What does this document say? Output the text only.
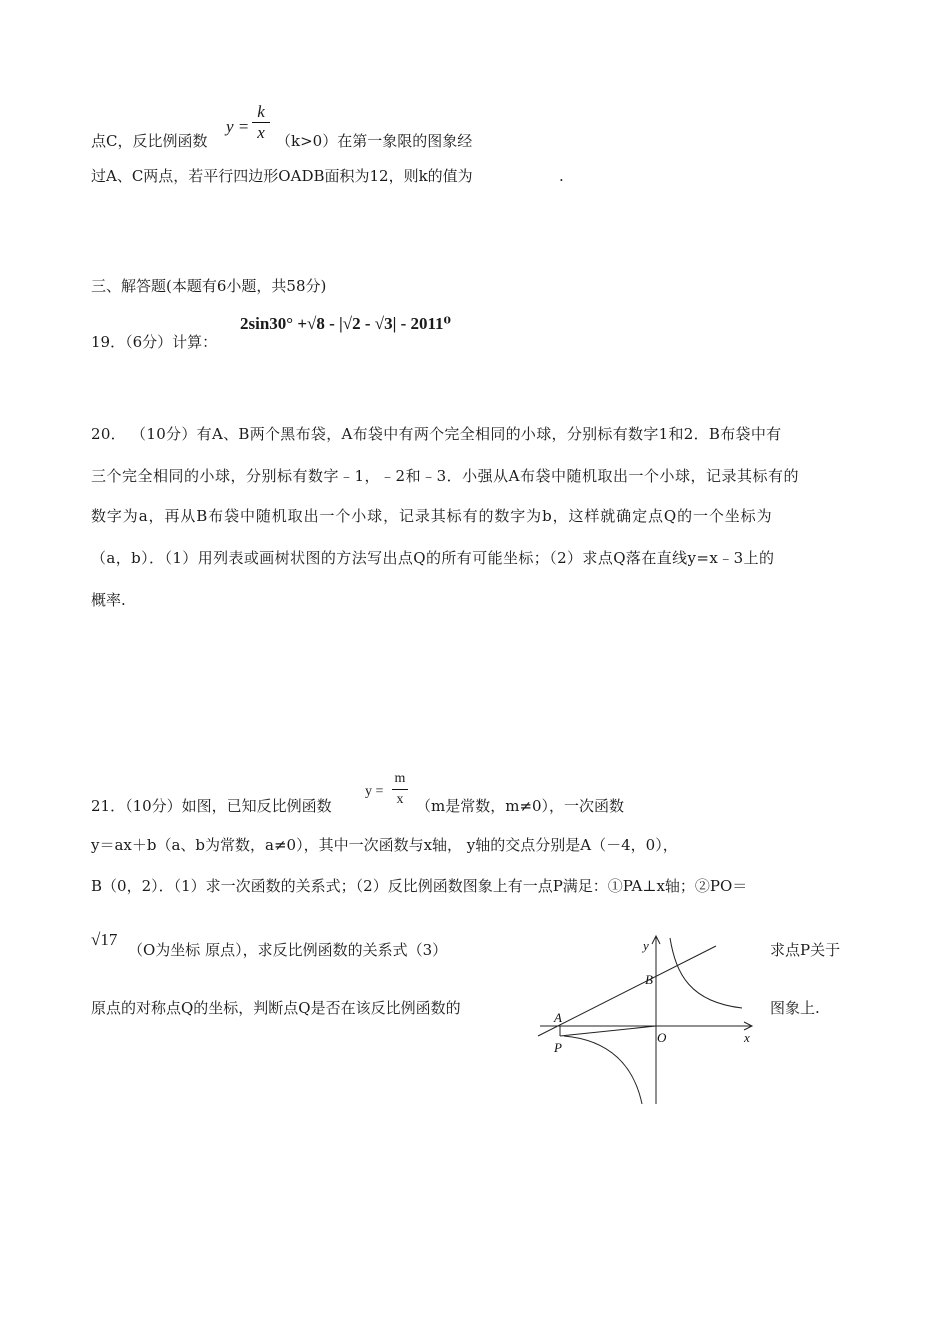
点C，反比例函数
y =
k
x （k>0）在第一象限的图象经
过A、C两点，若平行四边形OADB面积为12，则k的值为	.
三、解答题(本题有6小题，共58分)
19．（6分）计算：
2sin30° +√8 - |√2 - √3| - 2011⁰
20． （10分）有A、B两个黑布袋，A布袋中有两个完全相同的小球，分别标有数字1和2．B布袋中有
三个完全相同的小球，分别标有数字﹣1，﹣2和﹣3．小强从A布袋中随机取出一个小球，记录其标有的
数字为a，再从B布袋中随机取出一个小球，记录其标有的数字为b，这样就确定点Q的一个坐标为
（a，b）．（1）用列表或画树状图的方法写出点Q的所有可能坐标；（2）求点Q落在直线y=x﹣3上的
概率.
21．（10分）如图，已知反比例函数
y =
m
x （m是常数，m≠0），一次函数
y＝ax＋b（a、b为常数，a≠0），其中一次函数与x轴， y轴的交点分别是A（－4，0），
B（0，2）．（1）求一次函数的关系式；（2）反比例函数图象上有一点P满足：①PA⊥x轴；②PO＝
√17
（O为坐标 原点），求反比例函数的关系式（3）	求点P关于
原点的对称点Q的坐标，判断点Q是否在该反比例函数的	图象上.
y
x
O
A
B
P
